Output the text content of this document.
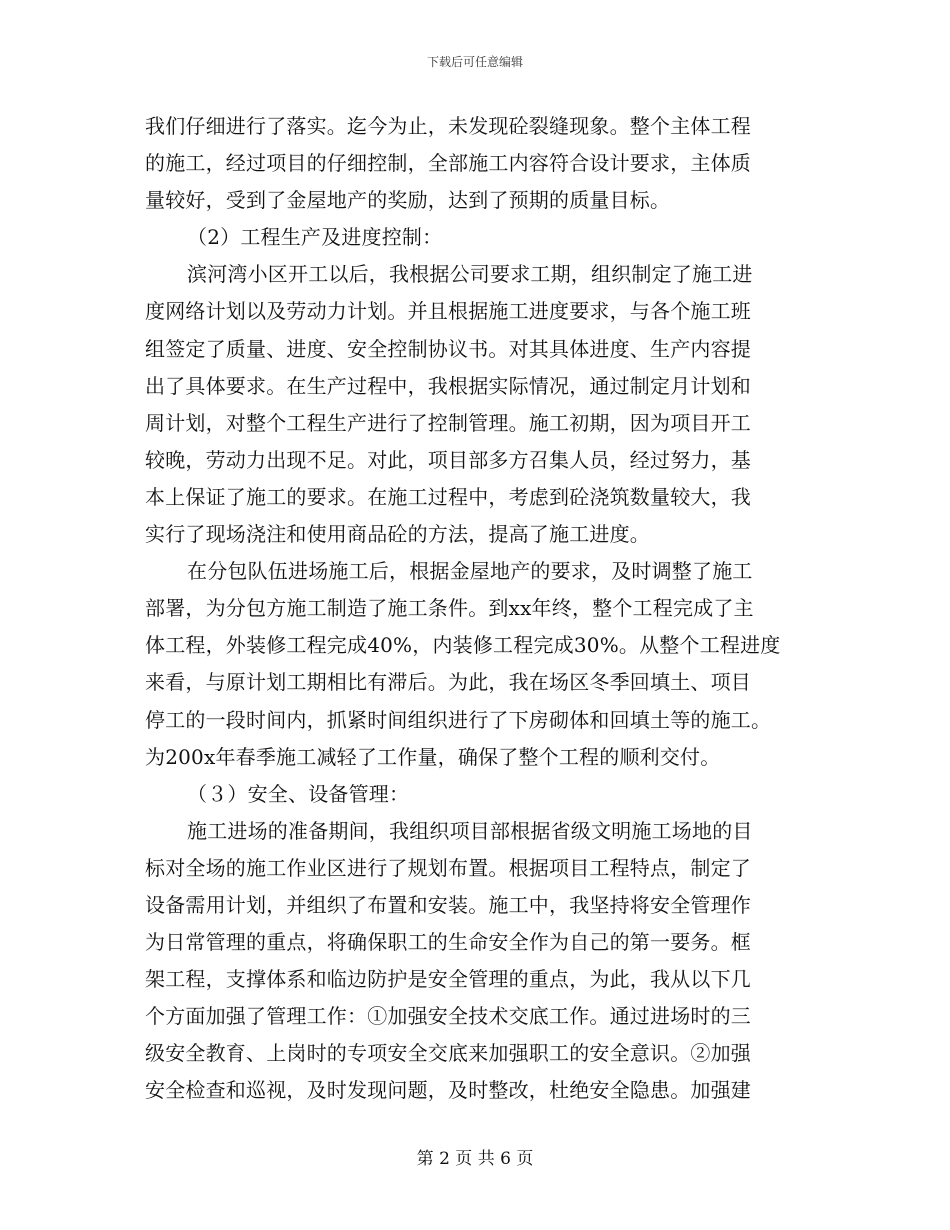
下载后可任意编辑
我们仔细进行了落实。迄今为止，未发现砼裂缝现象。整个主体工程
的施工，经过项目的仔细控制，全部施工内容符合设计要求，主体质
量较好，受到了金屋地产的奖励，达到了预期的质量目标。
（2）工程生产及进度控制：
滨河湾小区开工以后，我根据公司要求工期，组织制定了施工进
度网络计划以及劳动力计划。并且根据施工进度要求，与各个施工班
组签定了质量、进度、安全控制协议书。对其具体进度、生产内容提
出了具体要求。在生产过程中，我根据实际情况，通过制定月计划和
周计划，对整个工程生产进行了控制管理。施工初期，因为项目开工
较晚，劳动力出现不足。对此，项目部多方召集人员，经过努力，基
本上保证了施工的要求。在施工过程中，考虑到砼浇筑数量较大，我
实行了现场浇注和使用商品砼的方法，提高了施工进度。
在分包队伍进场施工后，根据金屋地产的要求，及时调整了施工
部署，为分包方施工制造了施工条件。到xx年终，整个工程完成了主
体工程，外装修工程完成40%，内装修工程完成30%。从整个工程进度
来看，与原计划工期相比有滞后。为此，我在场区冬季回填土、项目
停工的一段时间内，抓紧时间组织进行了下房砌体和回填土等的施工。
为200x年春季施工减轻了工作量，确保了整个工程的顺利交付。
（３）安全、设备管理：
施工进场的准备期间，我组织项目部根据省级文明施工场地的目
标对全场的施工作业区进行了规划布置。根据项目工程特点，制定了
设备需用计划，并组织了布置和安装。施工中，我坚持将安全管理作
为日常管理的重点，将确保职工的生命安全作为自己的第一要务。框
架工程，支撑体系和临边防护是安全管理的重点，为此，我从以下几
个方面加强了管理工作：①加强安全技术交底工作。通过进场时的三
级安全教育、上岗时的专项安全交底来加强职工的安全意识。②加强
安全检查和巡视，及时发现问题，及时整改，杜绝安全隐患。加强建
第 2 页 共 6 页
